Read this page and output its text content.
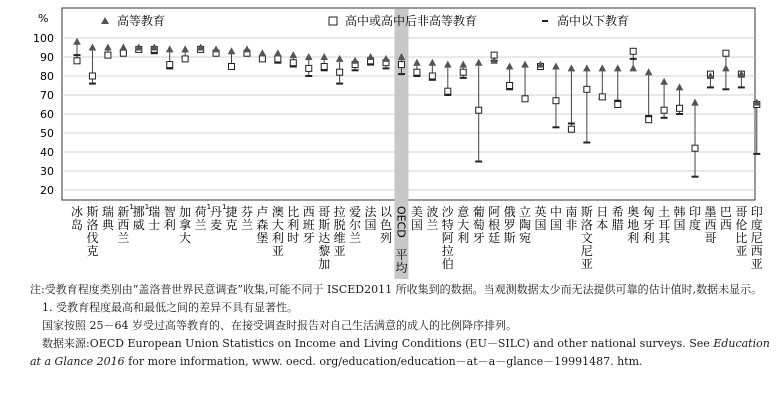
20
30
40
50
60
70
80
90
100
%	高等教育	高中或高中后非高等教育	高中以下教育
冰
岛
斯
洛
伐
克
瑞
典
新
西
兰
1
挪
威
1
瑞
士
智
利
加
拿
大
荷
兰
1
丹
麦
1
捷
克
芬
兰
卢
森
堡
澳
大
利
亚
比
利
时
西
班
牙
哥
斯
达
黎
加
拉
脱
维
亚
爱
尔
兰
法
国
以
色
列
OECD
平
均
美
国
波
兰
沙
特
阿
拉
伯
意
大
利
葡
萄
牙
阿
根
廷
俄
罗
斯
立
陶
宛
英
国
中
国
南
非
斯
洛
文
尼
亚
日
本
希
腊
奥
地
利
匈
牙
利
土
耳
其
韩
国
印
度
墨
西
哥
巴
西
哥
伦
比
亚
印
度
尼
西
亚

注:受教育程度类别由“盖洛普世界民意调查”收集,可能不同于 ISCED2011 所收集到的数据。当观测数据太少而无法提供可靠的估计值时,数据未显示。

1. 受教育程度最高和最低之间的差异不具有显著性。

国家按照 25－64 岁受过高等教育的、在接受调查时报告对自己生活满意的成人的比例降序排列。

数据来源:OECD European Union Statistics on Income and Living Conditions (EU－SILC) and other national surveys. See Education at a Glance 2016 for more information, www. oecd. org/education/education－at－a－glance－19991487. htm.
